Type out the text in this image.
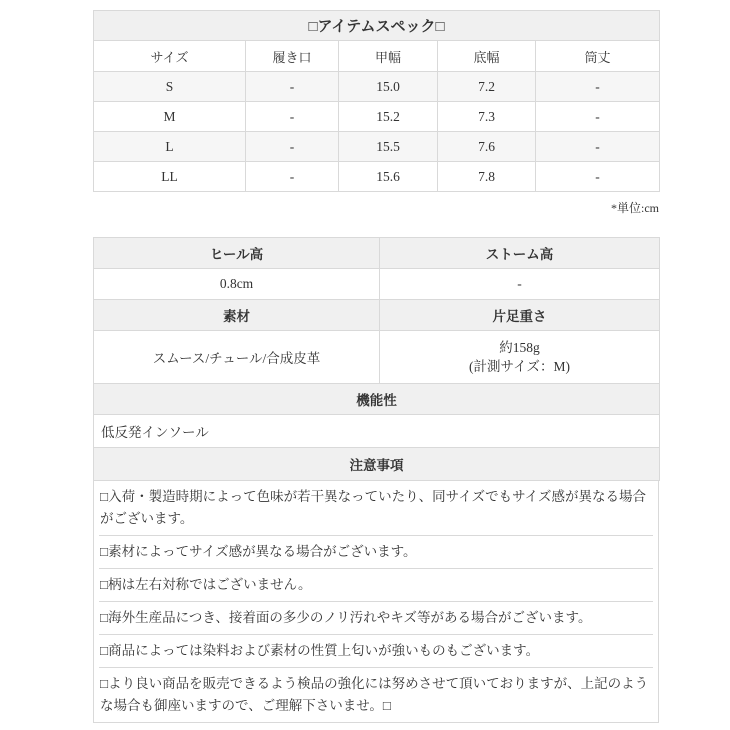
□アイテムスペック□				
サイズ	履き口	甲幅	底幅	筒丈
S	-	15.0	7.2	-
M	-	15.2	7.3	-
L	-	15.5	7.6	-
LL	-	15.6	7.8	-
*単位:cm
ヒール高	ストーム高
0.8cm	-
素材	片足重さ
スムース/チュール/合成皮革	約158g
(計測サイズ：M)

機能性	
低反発インソール	
注意事項	
□入荷・製造時期によって色味が若干異なっていたり、同サイズでもサイズ感が異なる場合がございます。
□素材によってサイズ感が異なる場合がございます。
□柄は左右対称ではございません。
□海外生産品につき、接着面の多少のノリ汚れやキズ等がある場合がございます。
□商品によっては染料および素材の性質上匂いが強いものもございます。
□より良い商品を販売できるよう検品の強化には努めさせて頂いておりますが、上記のような場合も御座いますので、ご理解下さいませ。□
